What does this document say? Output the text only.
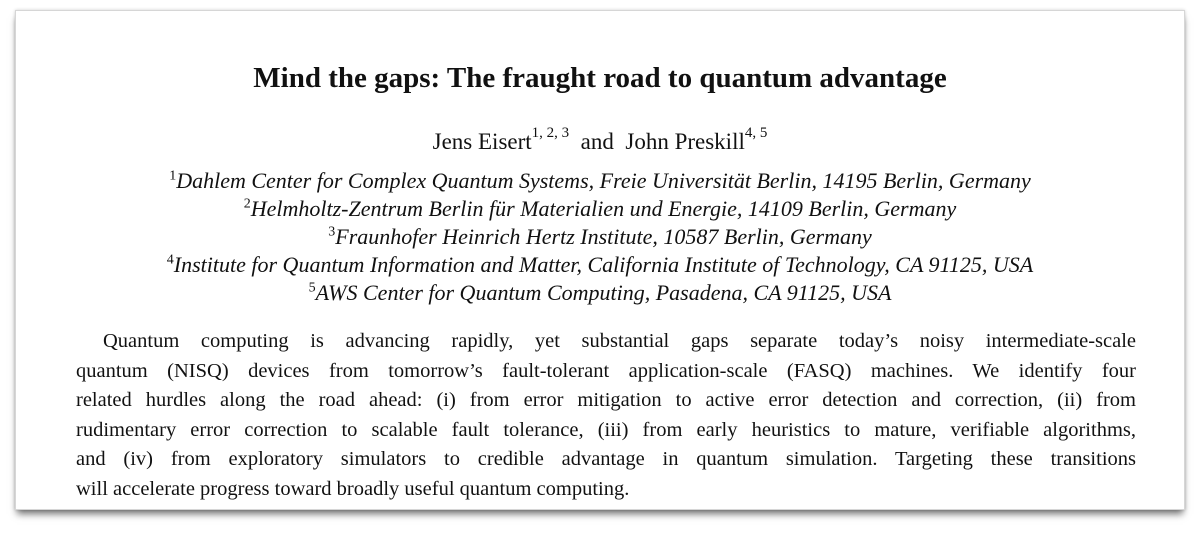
Mind the gaps: The fraught road to quantum advantage
Jens Eisert$^{1, 2, 3}$ and John Preskill$^{4, 5}$
$^1$Dahlem Center for Complex Quantum Systems, Freie Universität Berlin, 14195 Berlin, Germany
$^2$Helmholtz-Zentrum Berlin für Materialien und Energie, 14109 Berlin, Germany
$^3$Fraunhofer Heinrich Hertz Institute, 10587 Berlin, Germany
$^4$Institute for Quantum Information and Matter, California Institute of Technology, CA 91125, USA
$^5$AWS Center for Quantum Computing, Pasadena, CA 91125, USA
Quantum computing is advancing rapidly, yet substantial gaps separate today’s noisy intermediate-scale
quantum (NISQ) devices from tomorrow’s fault-tolerant application-scale (FASQ) machines. We identify four
related hurdles along the road ahead: (i) from error mitigation to active error detection and correction, (ii) from
rudimentary error correction to scalable fault tolerance, (iii) from early heuristics to mature, verifiable algorithms,
and (iv) from exploratory simulators to credible advantage in quantum simulation. Targeting these transitions
will accelerate progress toward broadly useful quantum computing.
